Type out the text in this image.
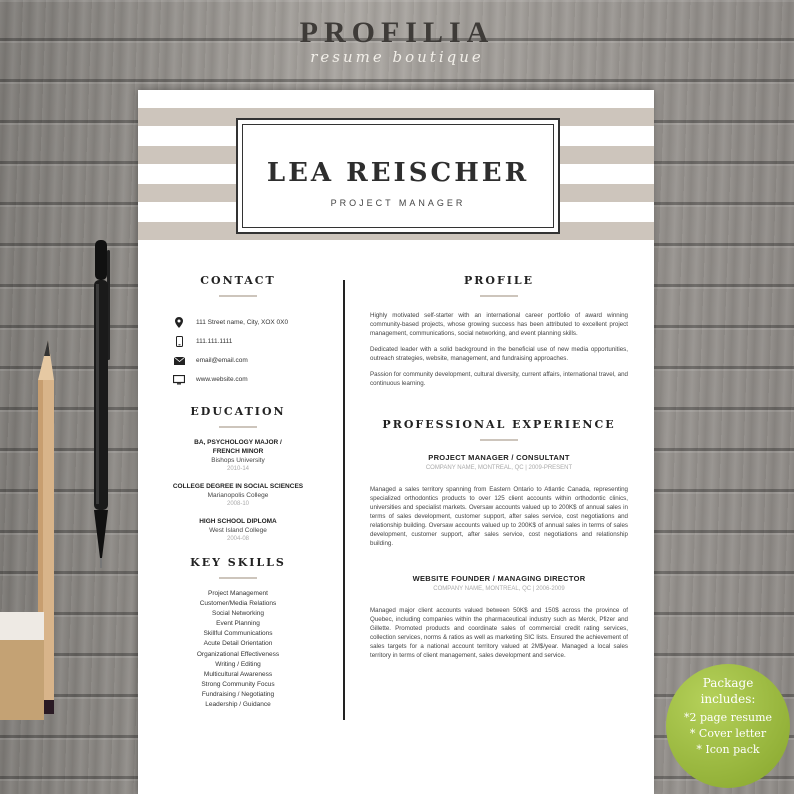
PROFILIA
resume boutique
LEA REISCHER
PROJECT MANAGER
CONTACT
111 Street name, City, XOX 0X0
111.111.1111
email@email.com
www.website.com
EDUCATION
BA, PSYCHOLOGY MAJOR /
FRENCH MINOR
Bishops University
2010-14
COLLEGE DEGREE IN SOCIAL SCIENCES
Marianopolis College
2008-10
HIGH SCHOOL DIPLOMA
West Island College
2004-08
KEY SKILLS
Project Management
Customer/Media Relations
Social Networking
Event Planning
Skillful Communications
Acute Detail Orientation
Organizational Effectiveness
Writing / Editing
Multicultural Awareness
Strong Community Focus
Fundraising / Negotiating
Leadership / Guidance
PROFILE

Highly motivated self-starter with an international career portfolio of award winning community-based projects, whose growing success has been attributed to excellent project management, communications, social networking, and event planning skills.

Dedicated leader with a solid background in the beneficial use of new media opportunities, outreach strategies, website, management, and fundraising approaches.

Passion for community development, cultural diversity, current affairs, international travel, and continuous learning.

PROFESSIONAL EXPERIENCE
PROJECT MANAGER / CONSULTANT
COMPANY NAME, MONTREAL, QC | 2009-PRESENT

Managed a sales territory spanning from Eastern Ontario to Atlantic Canada, representing specialized orthodontics products to over 125 client accounts within orthodontic clinics, universities and specialist markets. Oversaw accounts valued up to 200K$ of annual sales in terms of sales development, customer support, after sales service, cost negotiations and relationship building. Oversaw accounts valued up to 200K$ of annual sales in terms of sales development, customer support, after sales service, cost negotiations and relationship building.

WEBSITE FOUNDER / MANAGING DIRECTOR
COMPANY NAME, MONTREAL, QC | 2006-2009

Managed major client accounts valued between 50K$ and 150$ across the province of Quebec, including companies within the pharmaceutical industry such as Merck, Pfizer and Gillette. Promoted products and coordinate sales of commercial credit rating services, collection services, norms & ratios as well as marketing SIC lists. Ensured the achievement of sales targets for a national account territory valued at 2M$/year. Managed a local sales territory in terms of client management, sales development and service.

Package
includes:
*2 page resume
* Cover letter
* Icon pack
